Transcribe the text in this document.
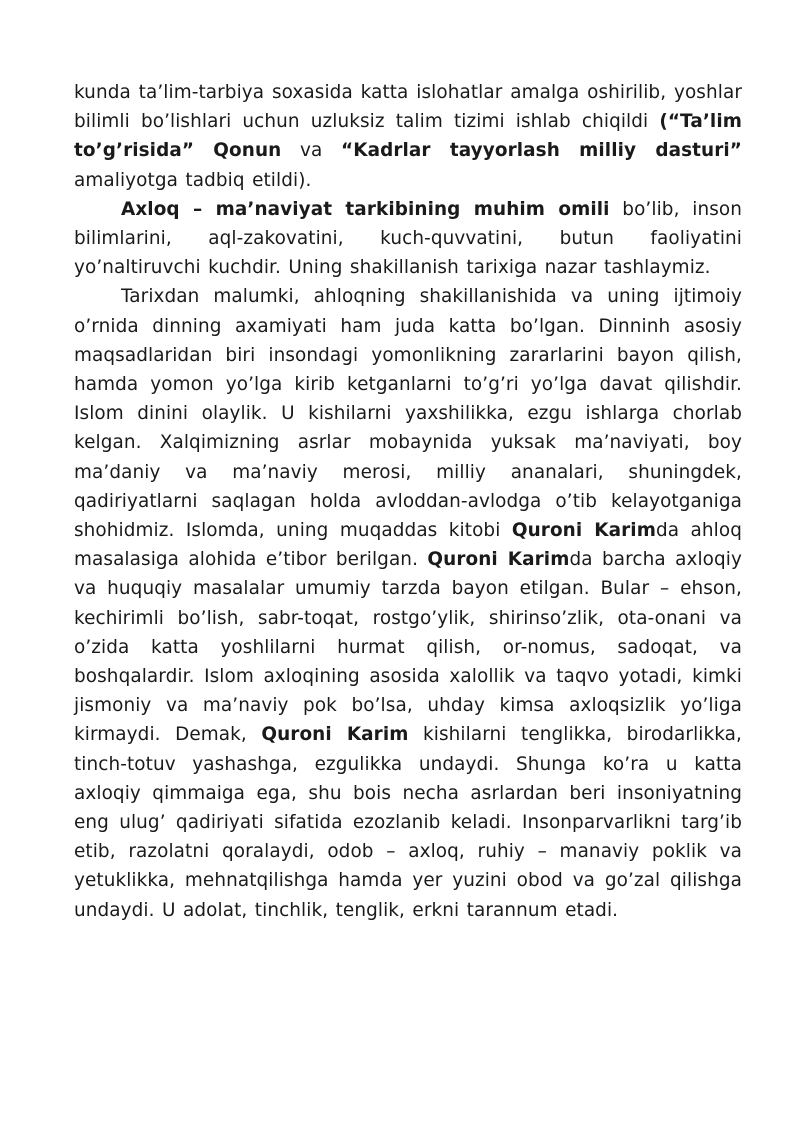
kunda ta’lim-tarbiya soxasida katta islohatlar amalga oshirilib, yoshlar bilimli bo’lishlari uchun uzluksiz talim tizimi ishlab chiqildi (“Ta’lim to’g’risida” Qonun va “Kadrlar tayyorlash milliy dasturi” amaliyotga tadbiq etildi).

Axloq – ma’naviyat tarkibining muhim omili bo’lib, inson bilimlarini, aql-zakovatini, kuch-quvvatini, butun faoliyatini yo’naltiruvchi kuchdir. Uning shakillanish tarixiga nazar tashlaymiz.

Tarixdan malumki, ahloqning shakillanishida va uning ijtimoiy o’rnida dinning axamiyati ham juda katta bo’lgan. Dinninh asosiy maqsadlaridan biri insondagi yomonlikning zararlarini bayon qilish, hamda yomon yo’lga kirib ketganlarni to’g’ri yo’lga davat qilishdir. Islom dinini olaylik. U kishilarni yaxshilikka, ezgu ishlarga chorlab kelgan. Xalqimizning asrlar mobaynida yuksak ma’naviyati, boy ma’daniy va ma’naviy merosi, milliy ananalari, shuningdek, qadiriyatlarni saqlagan holda avloddan-avlodga o’tib kelayotganiga shohidmiz. Islomda, uning muqaddas kitobi Quroni Karimda ahloq masalasiga alohida e’tibor berilgan. Quroni Karimda barcha axloqiy va huquqiy masalalar umumiy tarzda bayon etilgan. Bular – ehson, kechirimli bo’lish, sabr-toqat, rostgo’ylik, shirinso’zlik, ota-onani va o’zida katta yoshlilarni hurmat qilish, or-nomus, sadoqat, va boshqalardir. Islom axloqining asosida xalollik va taqvo yotadi, kimki jismoniy va ma’naviy pok bo’lsa, uhday kimsa axloqsizlik yo’liga kirmaydi. Demak, Quroni Karim kishilarni tenglikka, birodarlikka, tinch-totuv yashashga, ezgulikka undaydi. Shunga ko’ra u katta axloqiy qimmaiga ega, shu bois necha asrlardan beri insoniyatning eng ulug’ qadiriyati sifatida ezozlanib keladi. Insonparvarlikni targ’ib etib, razolatni qoralaydi, odob – axloq, ruhiy – manaviy poklik va yetuklikka, mehnatqilishga hamda yer yuzini obod va go’zal qilishga undaydi. U adolat, tinchlik, tenglik, erkni tarannum etadi.
